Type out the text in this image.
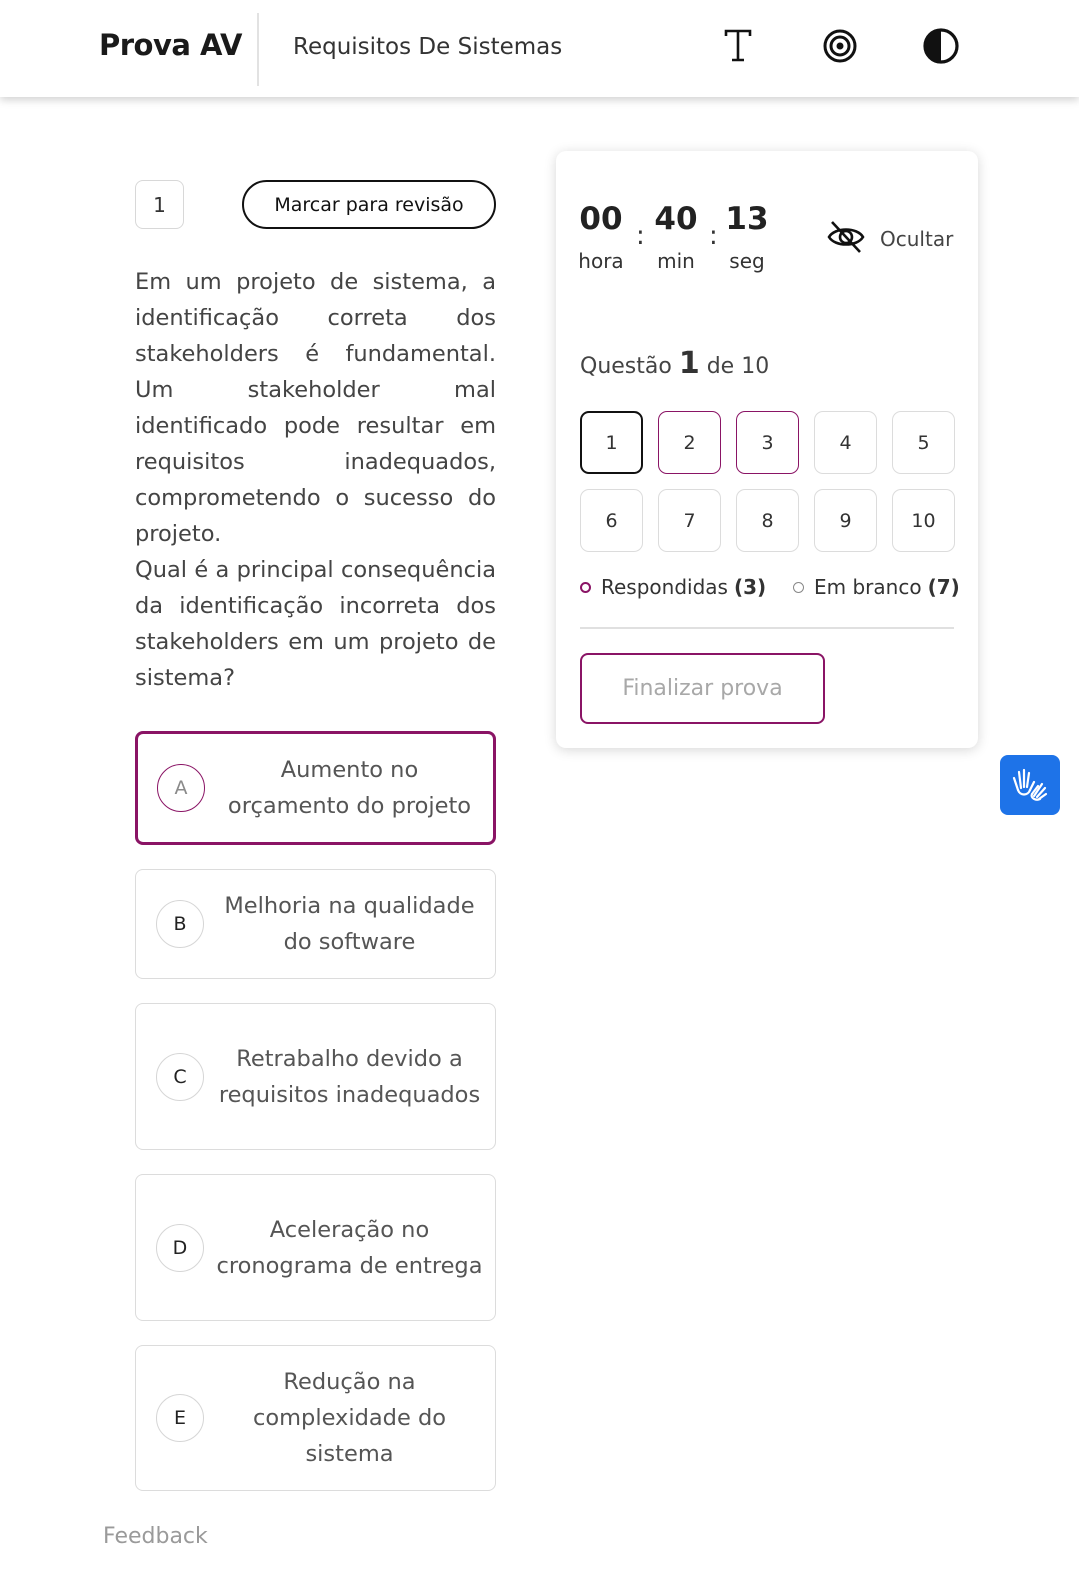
Prova AV Requisitos De Sistemas
1	Marcar para revisão

Em um projeto de sistema, a identificação correta dos stakeholders é fundamental. Um stakeholder mal identificado pode resultar em requisitos inadequados, comprometendo o sucesso do projeto.

Qual é a principal consequência da identificação incorreta dos stakeholders em um projeto de sistema?

A
Aumento no orçamento do projeto
B
Melhoria na qualidade do software
C
Retrabalho devido a requisitos inadequados
D
Aceleração no cronograma de entrega
E
Redução na complexidade do sistema
Feedback
00
hora
: 40
min
: 13
seg
Ocultar
Questão 1 de 10
1	2	3	4	5
6	7	8	9	10
Respondidas (3) Em branco (7)
Finalizar prova
